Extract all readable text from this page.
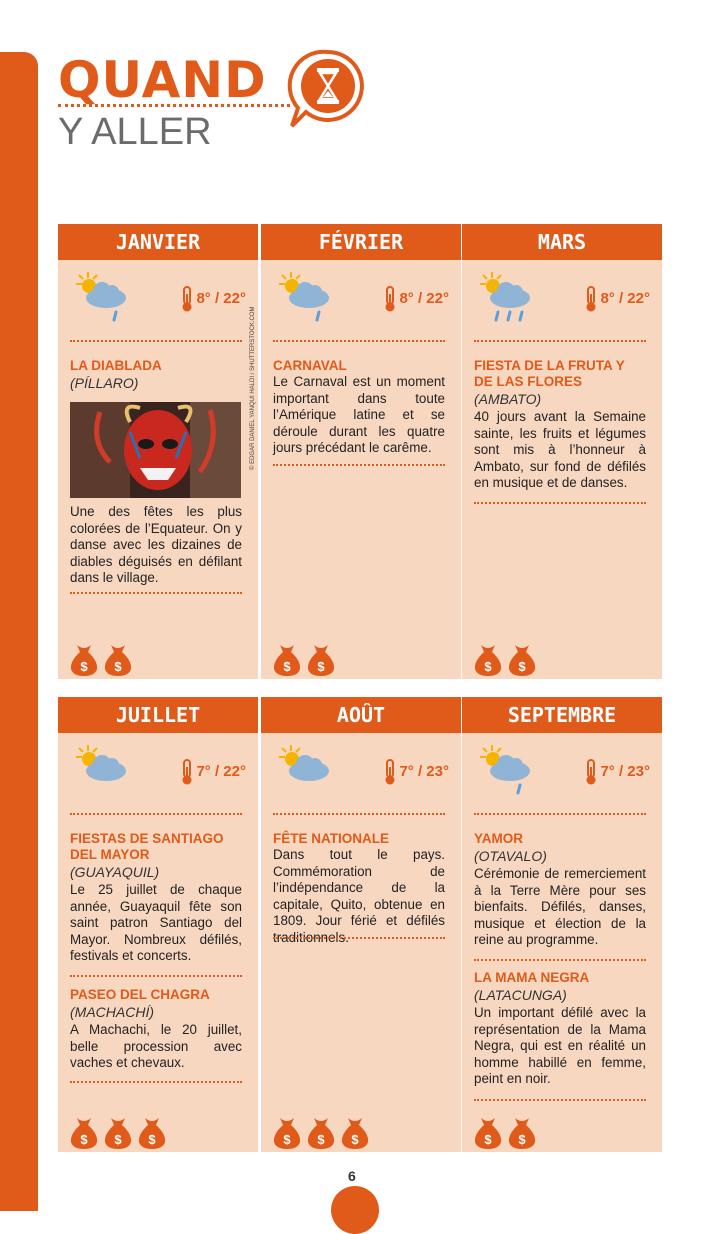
QUAND
Y ALLER
JANVIER
8° / 22°
LA DIABLADA
(PÍLLARO)	© EDGAR DANIEL YANQUI HALDI / SHUTTERSTOCK.COM
Une des fêtes les plus colorées de l’Equateur. On y danse avec les dizaines de diables déguisés en défilant dans le village.
$ $
FÉVRIER
8° / 22°
CARNAVAL
Le Carnaval est un moment important dans toute l’Amérique latine et se déroule durant les quatre jours précédant le carême.
$ $
MARS
8° / 22°
FIESTA DE LA FRUTA Y DE LAS FLORES
(AMBATO)
40 jours avant la Semaine sainte, les fruits et légumes sont mis à l’honneur à Ambato, sur fond de défilés en musique et de danses.
$ $
JUILLET
7° / 22°
FIESTAS DE SANTIAGO DEL MAYOR
(GUAYAQUIL)
Le 25 juillet de chaque année, Guayaquil fête son saint patron Santiago del Mayor. Nombreux défilés, festivals et concerts.
PASEO DEL CHAGRA
(MACHACHÍ)
A Machachi, le 20 juillet, belle procession avec vaches et chevaux.
$ $ $
AOÛT
7° / 23°
FÊTE NATIONALE
Dans tout le pays. Commémoration de l’indépendance de la capitale, Quito, obtenue en 1809. Jour férié et défilés traditionnels.
$ $ $
SEPTEMBRE
7° / 23°
YAMOR
(OTAVALO)
Cérémonie de remerciement à la Terre Mère pour ses bienfaits. Défilés, danses, musique et élection de la reine au programme.
LA MAMA NEGRA
(LATACUNGA)
Un important défilé avec la représentation de la Mama Negra, qui est en réalité un homme habillé en femme, peint en noir.
$ $
6
